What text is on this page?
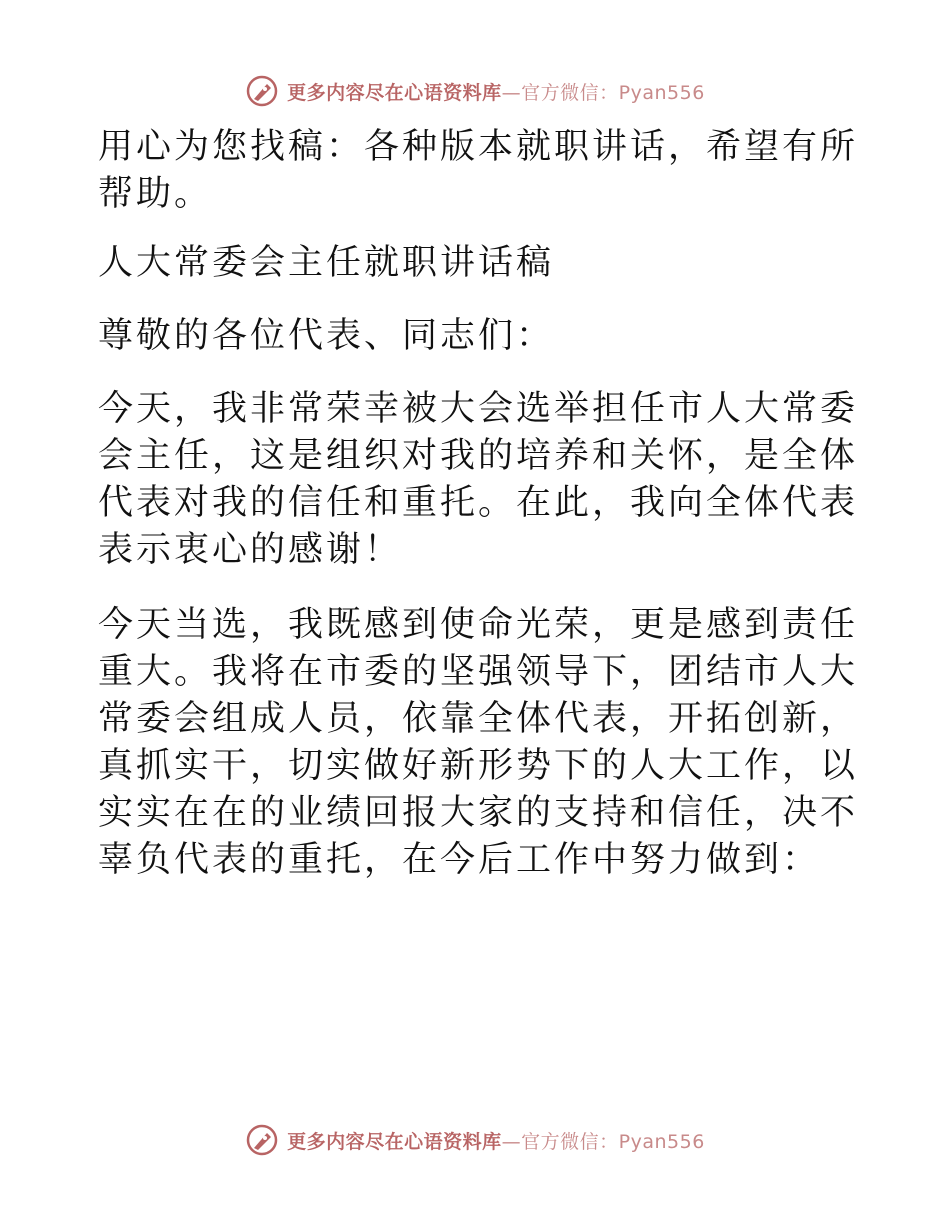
更多内容尽在心语资料库—官方微信：Pyan556

用心为您找稿：各种版本就职讲话，希望有所帮助。

人大常委会主任就职讲话稿

尊敬的各位代表、同志们：

今天，我非常荣幸被大会选举担任市人大常委会主任，这是组织对我的培养和关怀，是全体代表对我的信任和重托。在此，我向全体代表表示衷心的感谢！

今天当选，我既感到使命光荣，更是感到责任重大。我将在市委的坚强领导下，团结市人大常委会组成人员，依靠全体代表，开拓创新，真抓实干，切实做好新形势下的人大工作，以实实在在的业绩回报大家的支持和信任，决不辜负代表的重托，在今后工作中努力做到：

更多内容尽在心语资料库—官方微信：Pyan556
